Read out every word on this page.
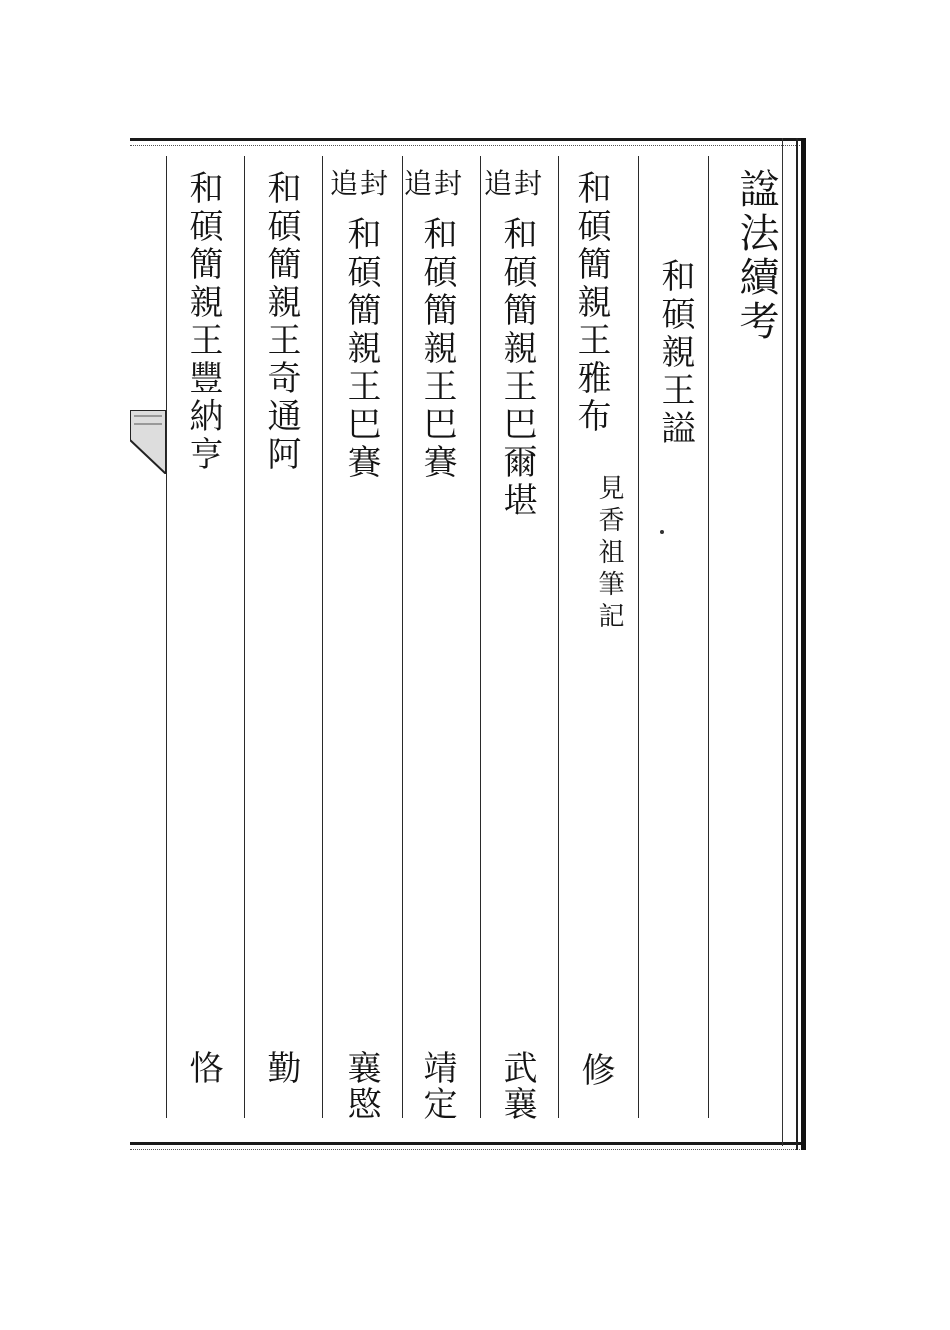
諡法續考
和碩親王謚
和碩簡親王雅布
見香祖筆記
修
追封
和碩簡親王巴爾堪
武襄
追封
和碩簡親王巴賽
靖定
追封
和碩簡親王巴賽
襄愍
和碩簡親王奇通阿
勤
和碩簡親王豐納亨
恪
